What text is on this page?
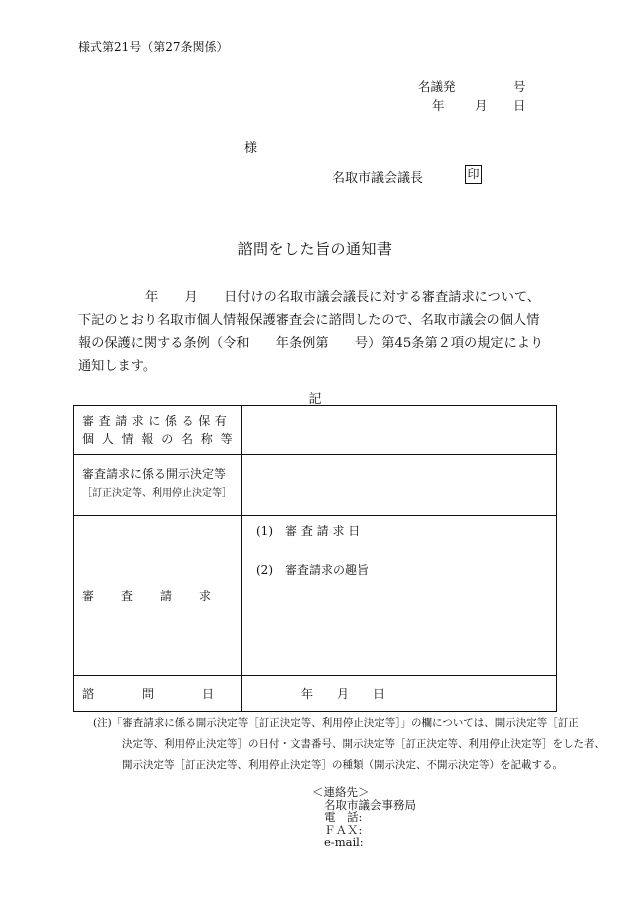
様式第21号（第27条関係）
名議発	号
年 月 日
様
名取市議会議長	印
諮問をした旨の通知書
年　　月　　日付けの名取市議会議長に対する審査請求について、
下記のとおり名取市個人情報保護審査会に諮問したので、名取市議会の個人情
報の保護に関する条例（令和　　年条例第　　号）第45条第２項の規定により
通知します。
記
審査請求に係る保有
個人情報の名称等	

審査請求に係る開示決定等
［訂正決定等、利用停止決定等］	

審　　査　　請　　求	(1)　審 査 請 求 日
(2)　審査請求の趣旨

諮　　　　問　　　　日	年　　月　　日
(注)「審査請求に係る開示決定等［訂正決定等、利用停止決定等］」の欄については、開示決定等［訂正
決定等、利用停止決定等］の日付・文書番号、開示決定等［訂正決定等、利用停止決定等］をした者、
開示決定等［訂正決定等、利用停止決定等］の種類（開示決定、不開示決定等）を記載する。
＜連絡先＞
名取市議会事務局
電　話:
ＦＡＸ:
e-mail:
